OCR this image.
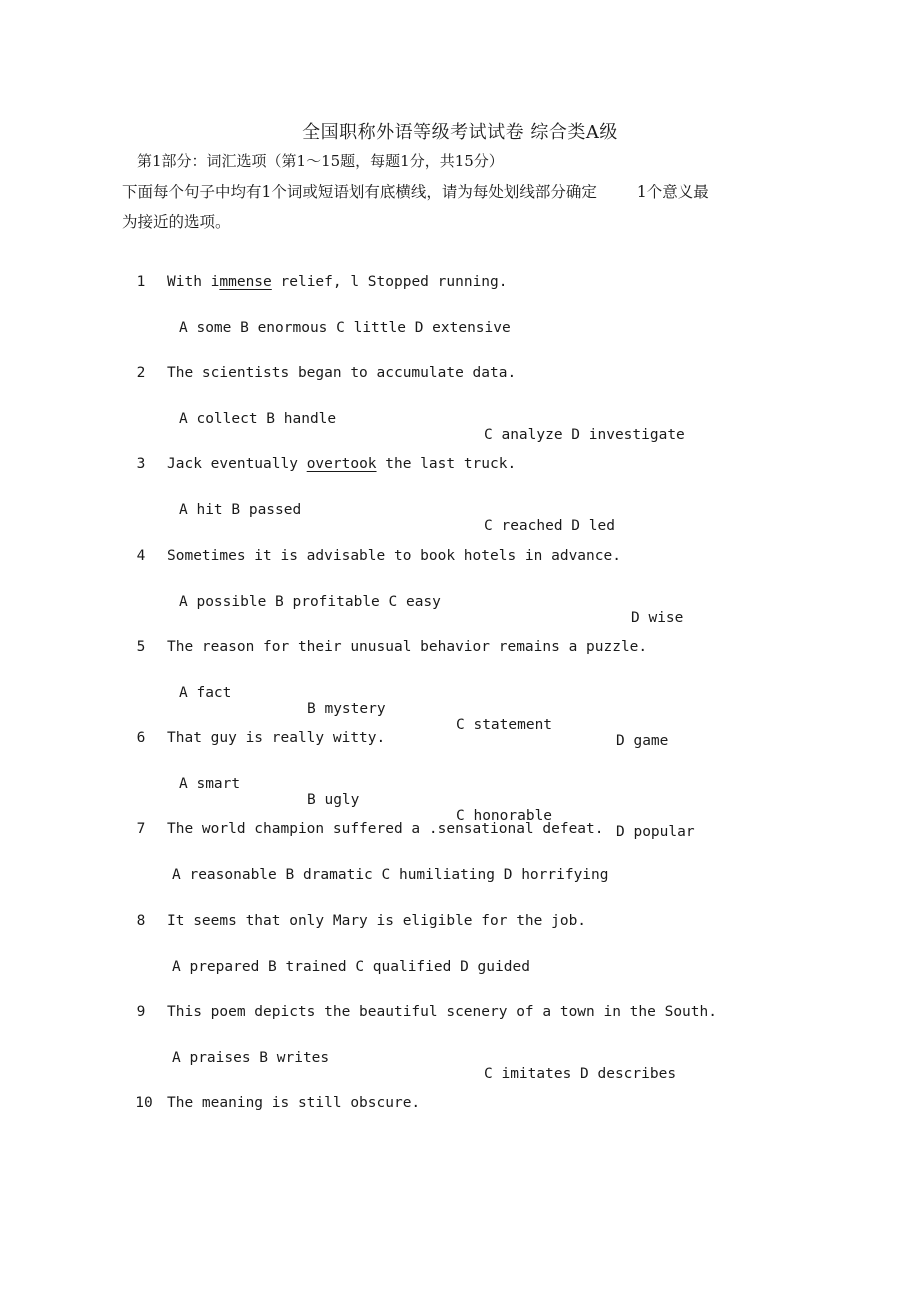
全国职称外语等级考试试卷 综合类A级
第1部分：词汇选项（第1～15题，每题1分，共15分）
下面每个句子中均有1个词或短语划有底横线，请为每处划线部分确定	1个意义最
为接近的选项。
1	With immense relief, l Stopped running.

A some B enormous C little D extensive

2	The scientists began to accumulate data.

A collect B handle

C analyze D investigate

3	Jack eventually overtook the last truck.

A hit B passed

C reached D led

4	Sometimes it is advisable to book hotels in advance.

A possible B profitable C easy

D wise

5	The reason for their unusual behavior remains a puzzle.

A fact

B mystery

C statement

D game

6	That guy is really witty.

A smart

B ugly

C honorable

D popular

7	The world champion suffered a .sensational defeat.

A reasonable B dramatic C humiliating D horrifying

8	It seems that only Mary is eligible for the job.

A prepared B trained C qualified D guided

9	This poem depicts the beautiful scenery of a town in the South.

A praises B writes

C imitates D describes

10 The meaning is still obscure.
